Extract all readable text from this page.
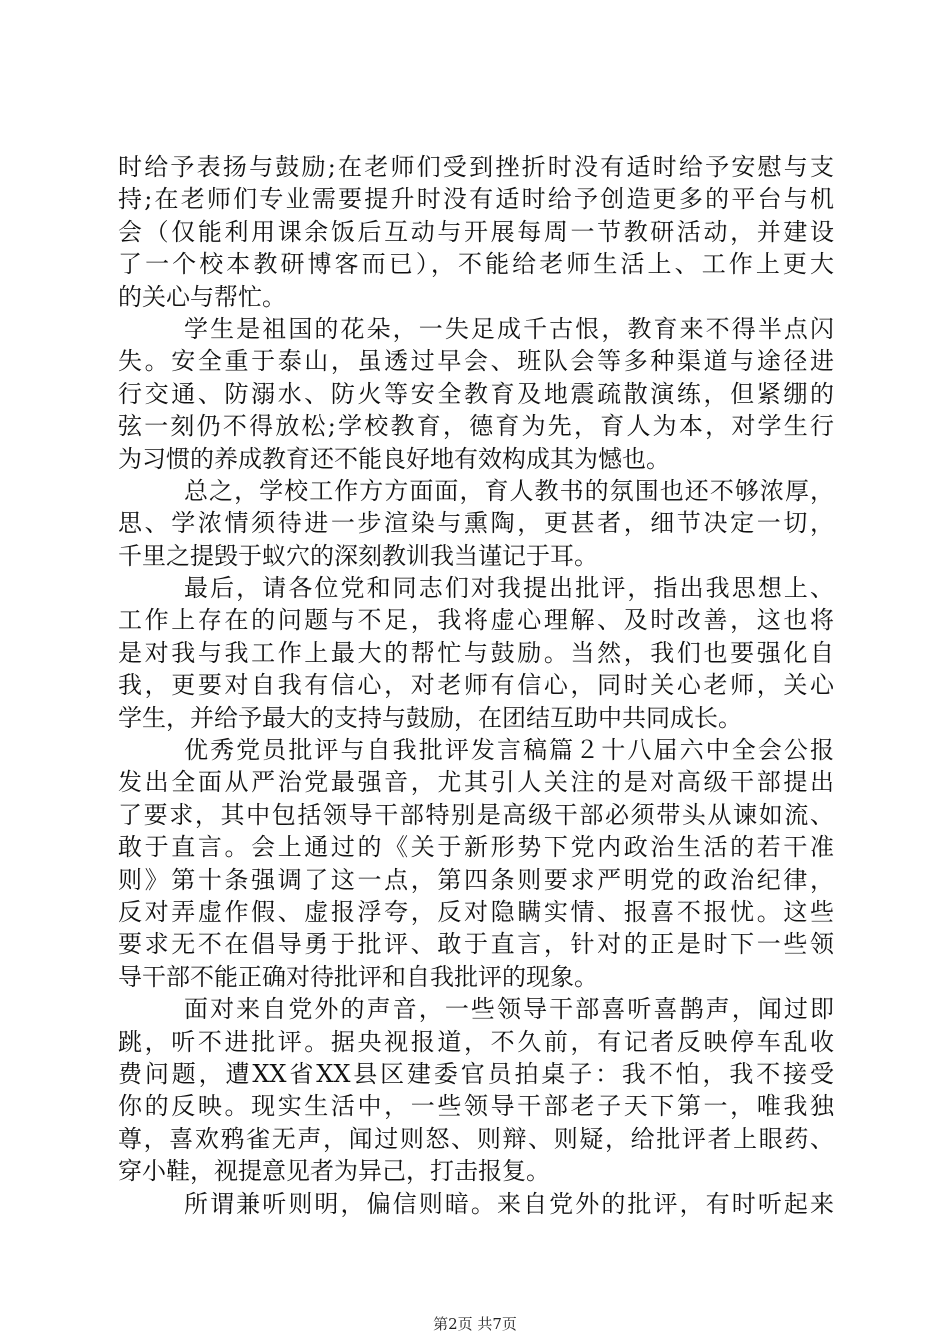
时给予表扬与鼓励;在老师们受到挫折时没有适时给予安慰与支
持;在老师们专业需要提升时没有适时给予创造更多的平台与机
会（仅能利用课余饭后互动与开展每周一节教研活动，并建设
了一个校本教研博客而已），不能给老师生活上、工作上更大
的关心与帮忙。
学生是祖国的花朵，一失足成千古恨，教育来不得半点闪
失。安全重于泰山，虽透过早会、班队会等多种渠道与途径进
行交通、防溺水、防火等安全教育及地震疏散演练，但紧绷的
弦一刻仍不得放松;学校教育，德育为先，育人为本，对学生行
为习惯的养成教育还不能良好地有效构成其为憾也。
总之，学校工作方方面面，育人教书的氛围也还不够浓厚，
思、学浓情须待进一步渲染与熏陶，更甚者，细节决定一切，
千里之提毁于蚁穴的深刻教训我当谨记于耳。
最后，请各位党和同志们对我提出批评，指出我思想上、
工作上存在的问题与不足，我将虚心理解、及时改善，这也将
是对我与我工作上最大的帮忙与鼓励。当然，我们也要强化自
我，更要对自我有信心，对老师有信心，同时关心老师，关心
学生，并给予最大的支持与鼓励，在团结互助中共同成长。
优秀党员批评与自我批评发言稿篇２十八届六中全会公报
发出全面从严治党最强音，尤其引人关注的是对高级干部提出
了要求，其中包括领导干部特别是高级干部必须带头从谏如流、
敢于直言。会上通过的《关于新形势下党内政治生活的若干准
则》第十条强调了这一点，第四条则要求严明党的政治纪律，
反对弄虚作假、虚报浮夸，反对隐瞒实情、报喜不报忧。这些
要求无不在倡导勇于批评、敢于直言，针对的正是时下一些领
导干部不能正确对待批评和自我批评的现象。
面对来自党外的声音，一些领导干部喜听喜鹊声，闻过即
跳，听不进批评。据央视报道，不久前，有记者反映停车乱收
费问题，遭XX省XX县区建委官员拍桌子：我不怕，我不接受
你的反映。现实生活中，一些领导干部老子天下第一，唯我独
尊，喜欢鸦雀无声，闻过则怒、则辩、则疑，给批评者上眼药、
穿小鞋，视提意见者为异己，打击报复。
所谓兼听则明，偏信则暗。来自党外的批评，有时听起来
第2页 共7页
